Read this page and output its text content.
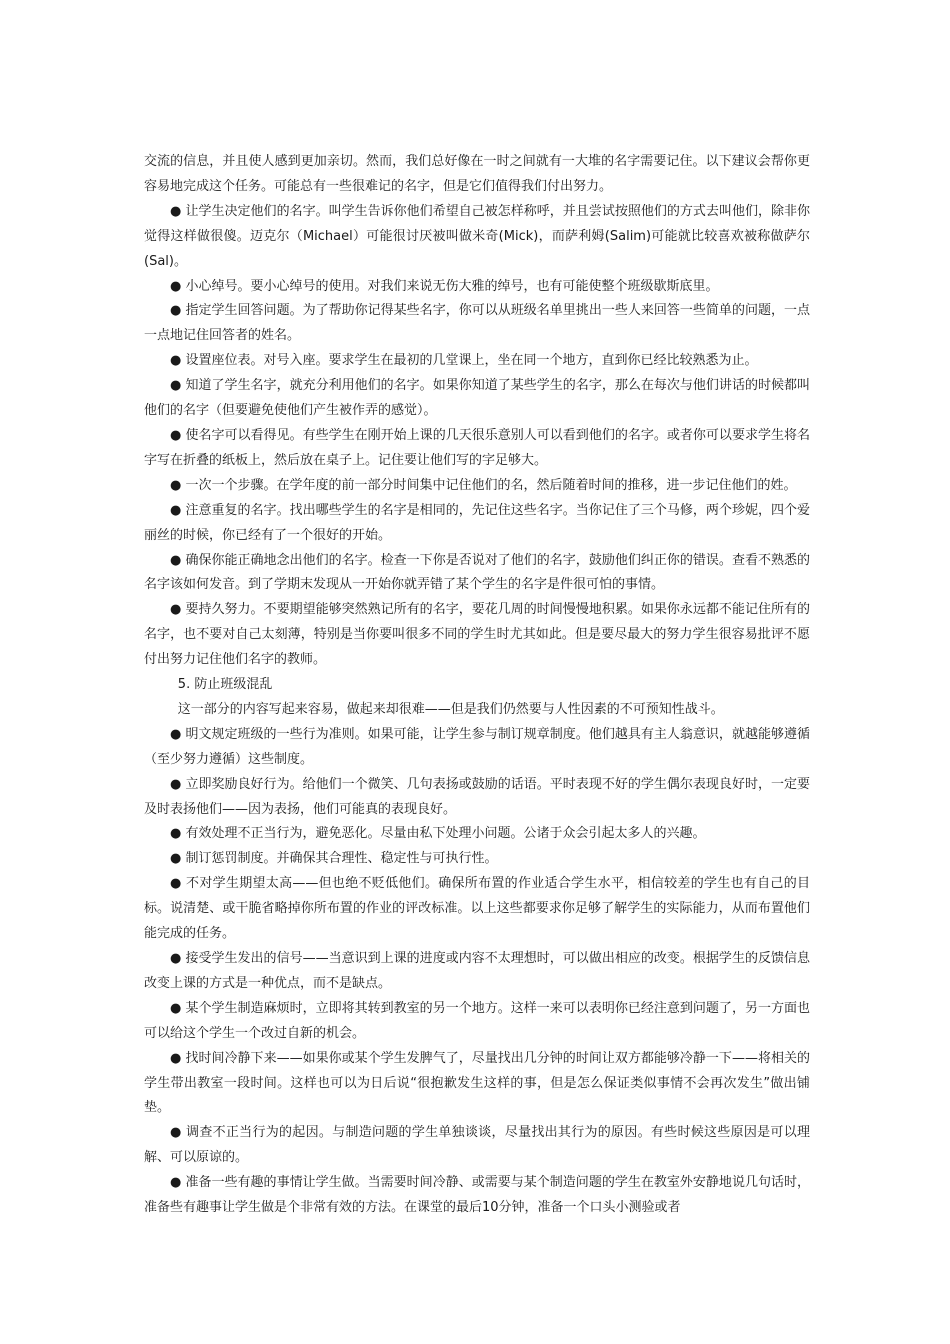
交流的信息，并且使人感到更加亲切。然而，我们总好像在一时之间就有一大堆的名字需要记住。以下建议会帮你更容易地完成这个任务。可能总有一些很难记的名字，但是它们值得我们付出努力。

● 让学生决定他们的名字。叫学生告诉你他们希望自己被怎样称呼，并且尝试按照他们的方式去叫他们，除非你觉得这样做很傻。迈克尔（Michael）可能很讨厌被叫做米奇(Mick)，而萨利姆(Salim)可能就比较喜欢被称做萨尔(Sal)。

● 小心绰号。要小心绰号的使用。对我们来说无伤大雅的绰号，也有可能使整个班级歇斯底里。

● 指定学生回答问题。为了帮助你记得某些名字，你可以从班级名单里挑出一些人来回答一些简单的问题，一点一点地记住回答者的姓名。

● 设置座位表。对号入座。要求学生在最初的几堂课上，坐在同一个地方，直到你已经比较熟悉为止。

● 知道了学生名字，就充分利用他们的名字。如果你知道了某些学生的名字，那么在每次与他们讲话的时候都叫他们的名字（但要避免使他们产生被作弄的感觉）。

● 使名字可以看得见。有些学生在刚开始上课的几天很乐意别人可以看到他们的名字。或者你可以要求学生将名字写在折叠的纸板上，然后放在桌子上。记住要让他们写的字足够大。

● 一次一个步骤。在学年度的前一部分时间集中记住他们的名，然后随着时间的推移，进一步记住他们的姓。

● 注意重复的名字。找出哪些学生的名字是相同的，先记住这些名字。当你记住了三个马修，两个珍妮，四个爱丽丝的时候，你已经有了一个很好的开始。

● 确保你能正确地念出他们的名字。检查一下你是否说对了他们的名字，鼓励他们纠正你的错误。查看不熟悉的名字该如何发音。到了学期末发现从一开始你就弄错了某个学生的名字是件很可怕的事情。

● 要持久努力。不要期望能够突然熟记所有的名字，要花几周的时间慢慢地积累。如果你永远都不能记住所有的名字，也不要对自己太刻薄，特别是当你要叫很多不同的学生时尤其如此。但是要尽最大的努力学生很容易批评不愿付出努力记住他们名字的教师。

5. 防止班级混乱

这一部分的内容写起来容易，做起来却很难——但是我们仍然要与人性因素的不可预知性战斗。

● 明文规定班级的一些行为准则。如果可能，让学生参与制订规章制度。他们越具有主人翁意识，就越能够遵循（至少努力遵循）这些制度。

● 立即奖励良好行为。给他们一个微笑、几句表扬或鼓励的话语。平时表现不好的学生偶尔表现良好时，一定要及时表扬他们——因为表扬，他们可能真的表现良好。

● 有效处理不正当行为，避免恶化。尽量由私下处理小问题。公诸于众会引起太多人的兴趣。

● 制订惩罚制度。并确保其合理性、稳定性与可执行性。

● 不对学生期望太高——但也绝不贬低他们。确保所布置的作业适合学生水平，相信较差的学生也有自己的目标。说清楚、或干脆省略掉你所布置的作业的评改标准。以上这些都要求你足够了解学生的实际能力，从而布置他们能完成的任务。

● 接受学生发出的信号——当意识到上课的进度或内容不太理想时，可以做出相应的改变。根据学生的反馈信息改变上课的方式是一种优点，而不是缺点。

● 某个学生制造麻烦时，立即将其转到教室的另一个地方。这样一来可以表明你已经注意到问题了，另一方面也可以给这个学生一个改过自新的机会。

● 找时间冷静下来——如果你或某个学生发脾气了，尽量找出几分钟的时间让双方都能够冷静一下——将相关的学生带出教室一段时间。这样也可以为日后说“很抱歉发生这样的事，但是怎么保证类似事情不会再次发生”做出铺垫。

● 调查不正当行为的起因。与制造问题的学生单独谈谈，尽量找出其行为的原因。有些时候这些原因是可以理解、可以原谅的。

● 准备一些有趣的事情让学生做。当需要时间冷静、或需要与某个制造问题的学生在教室外安静地说几句话时，准备些有趣事让学生做是个非常有效的方法。在课堂的最后10分钟，准备一个口头小测验或者
